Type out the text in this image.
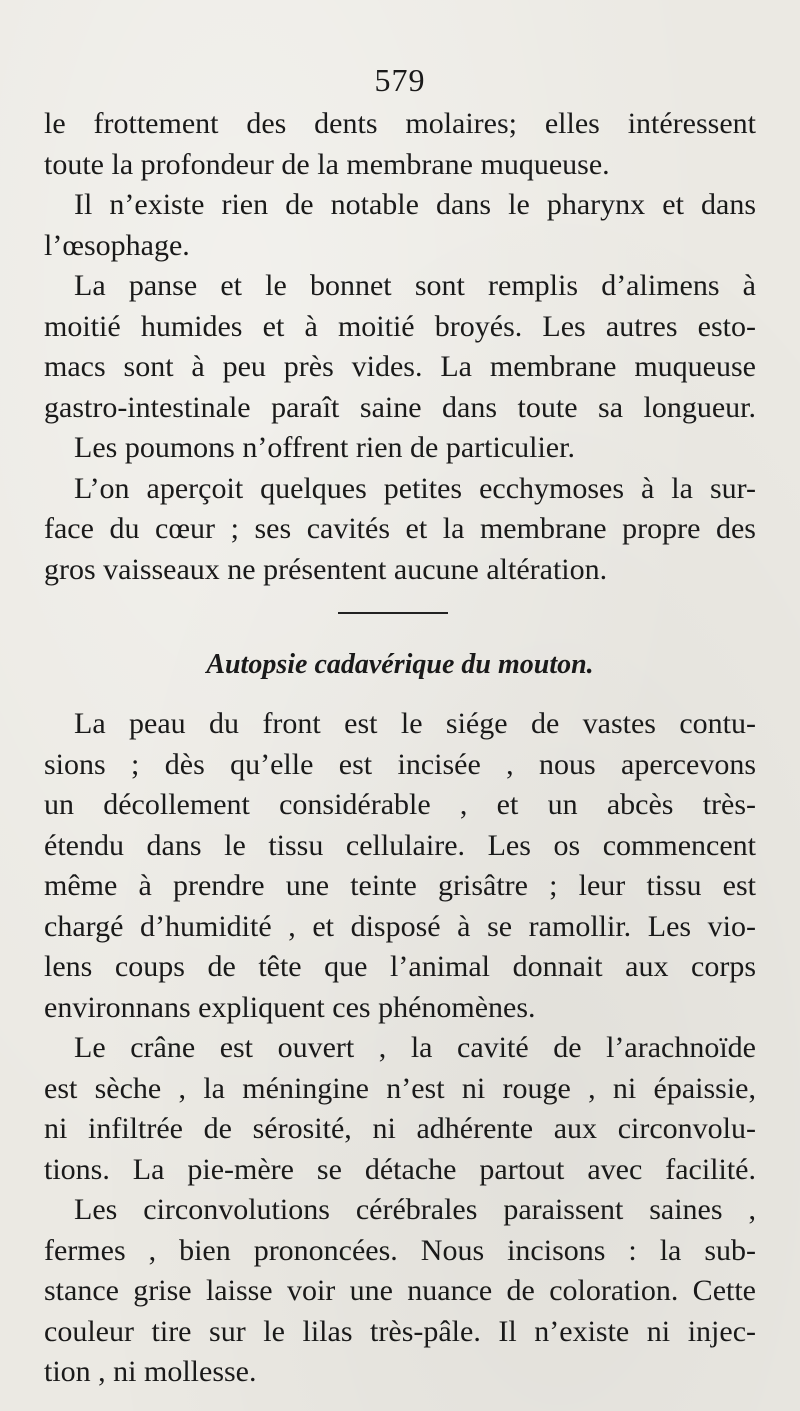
579
le frottement des dents molaires; elles intéressent
toute la profondeur de la membrane muqueuse.
Il n’existe rien de notable dans le pharynx et dans
l’œsophage.
La panse et le bonnet sont remplis d’alimens à
moitié humides et à moitié broyés. Les autres esto-
macs sont à peu près vides. La membrane muqueuse
gastro-intestinale paraît saine dans toute sa longueur.
Les poumons n’offrent rien de particulier.
L’on aperçoit quelques petites ecchymoses à la sur-
face du cœur ; ses cavités et la membrane propre des
gros vaisseaux ne présentent aucune altération.
Autopsie cadavérique du mouton.
La peau du front est le siége de vastes contu-
sions ; dès qu’elle est incisée , nous apercevons
un décollement considérable , et un abcès très-
étendu dans le tissu cellulaire. Les os commencent
même à prendre une teinte grisâtre ; leur tissu est
chargé d’humidité , et disposé à se ramollir. Les vio-
lens coups de tête que l’animal donnait aux corps
environnans expliquent ces phénomènes.
Le crâne est ouvert , la cavité de l’arachnoïde
est sèche , la méningine n’est ni rouge , ni épaissie,
ni infiltrée de sérosité, ni adhérente aux circonvolu-
tions. La pie-mère se détache partout avec facilité.
Les circonvolutions cérébrales paraissent saines ,
fermes , bien prononcées. Nous incisons : la sub-
stance grise laisse voir une nuance de coloration. Cette
couleur tire sur le lilas très-pâle. Il n’existe ni injec-
tion , ni mollesse.
